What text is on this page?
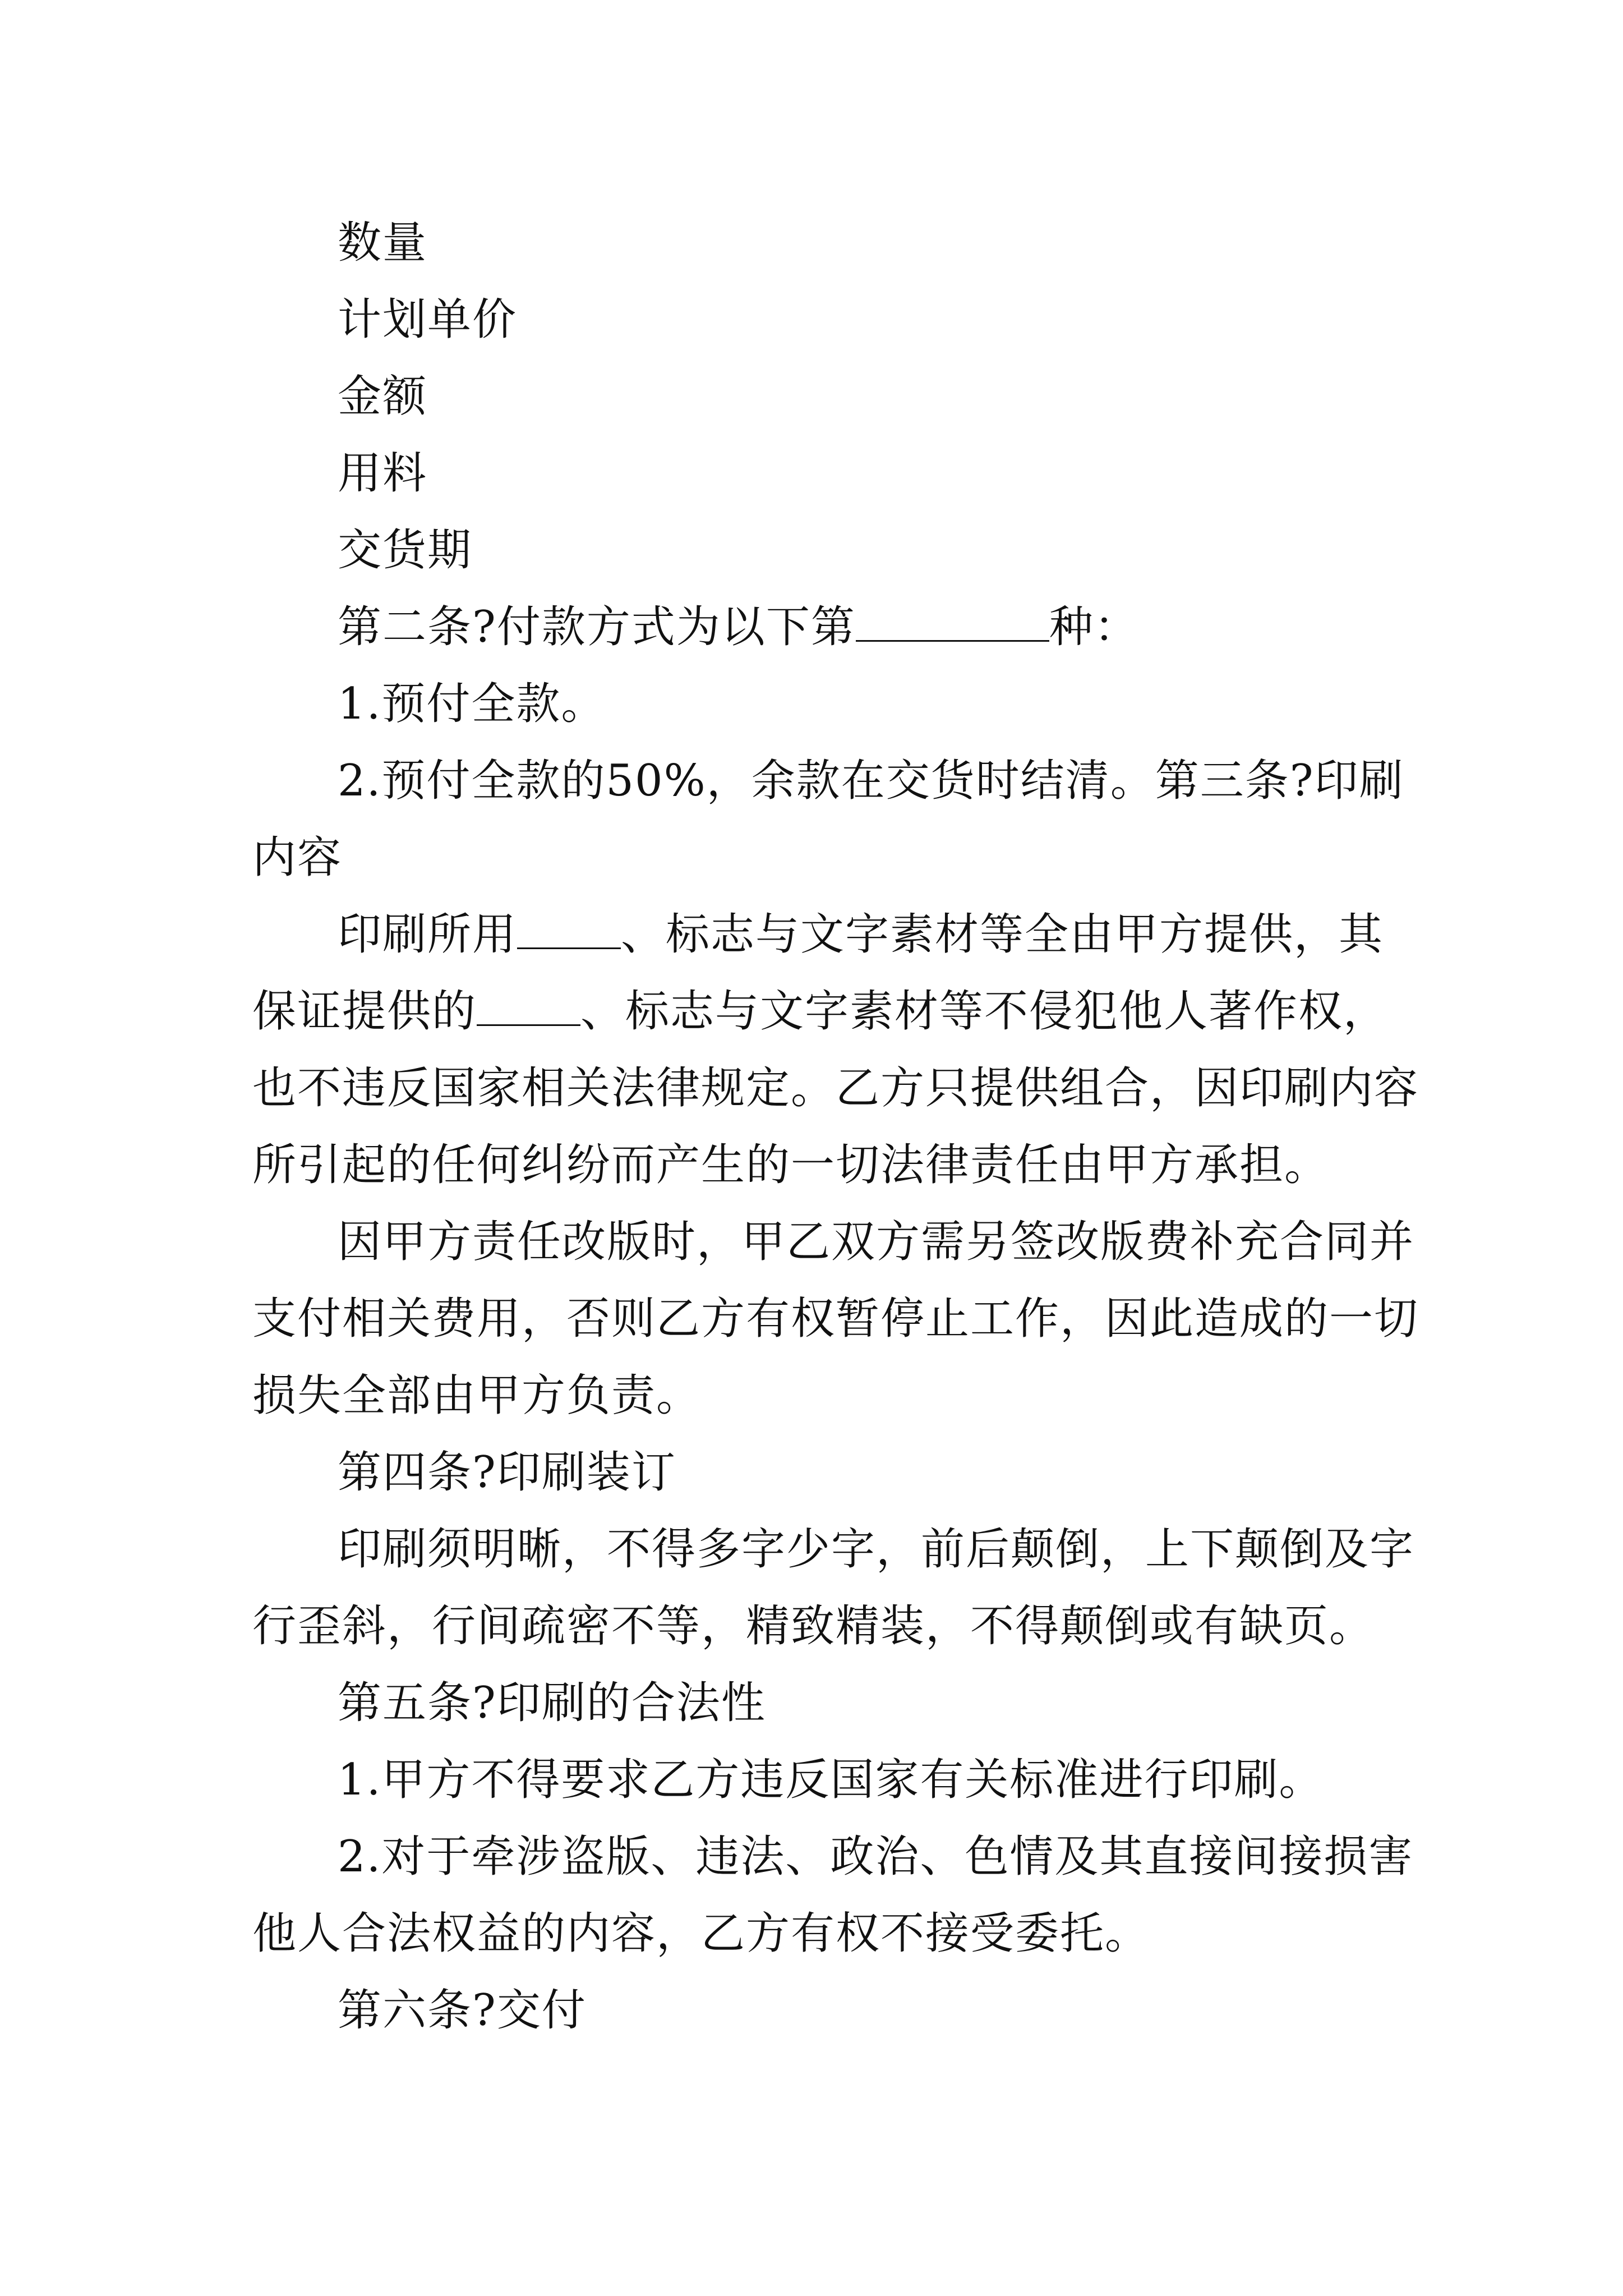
数量
计划单价
金额
用料
交货期
第二条?付款方式为以下第	种：
1.预付全款。
2.预付全款的50%，余款在交货时结清。第三条?印刷
内容
印刷所用 、标志与文字素材等全由甲方提供，其
保证提供的 、标志与文字素材等不侵犯他人著作权，
也不违反国家相关法律规定。乙方只提供组合，因印刷内容
所引起的任何纠纷而产生的一切法律责任由甲方承担。
因甲方责任改版时，甲乙双方需另签改版费补充合同并
支付相关费用，否则乙方有权暂停止工作，因此造成的一切
损失全部由甲方负责。
第四条?印刷装订
印刷须明晰，不得多字少字，前后颠倒，上下颠倒及字
行歪斜，行间疏密不等，精致精装，不得颠倒或有缺页。
第五条?印刷的合法性
1.甲方不得要求乙方违反国家有关标准进行印刷。
2.对于牵涉盗版、违法、政治、色情及其直接间接损害
他人合法权益的内容，乙方有权不接受委托。
第六条?交付
